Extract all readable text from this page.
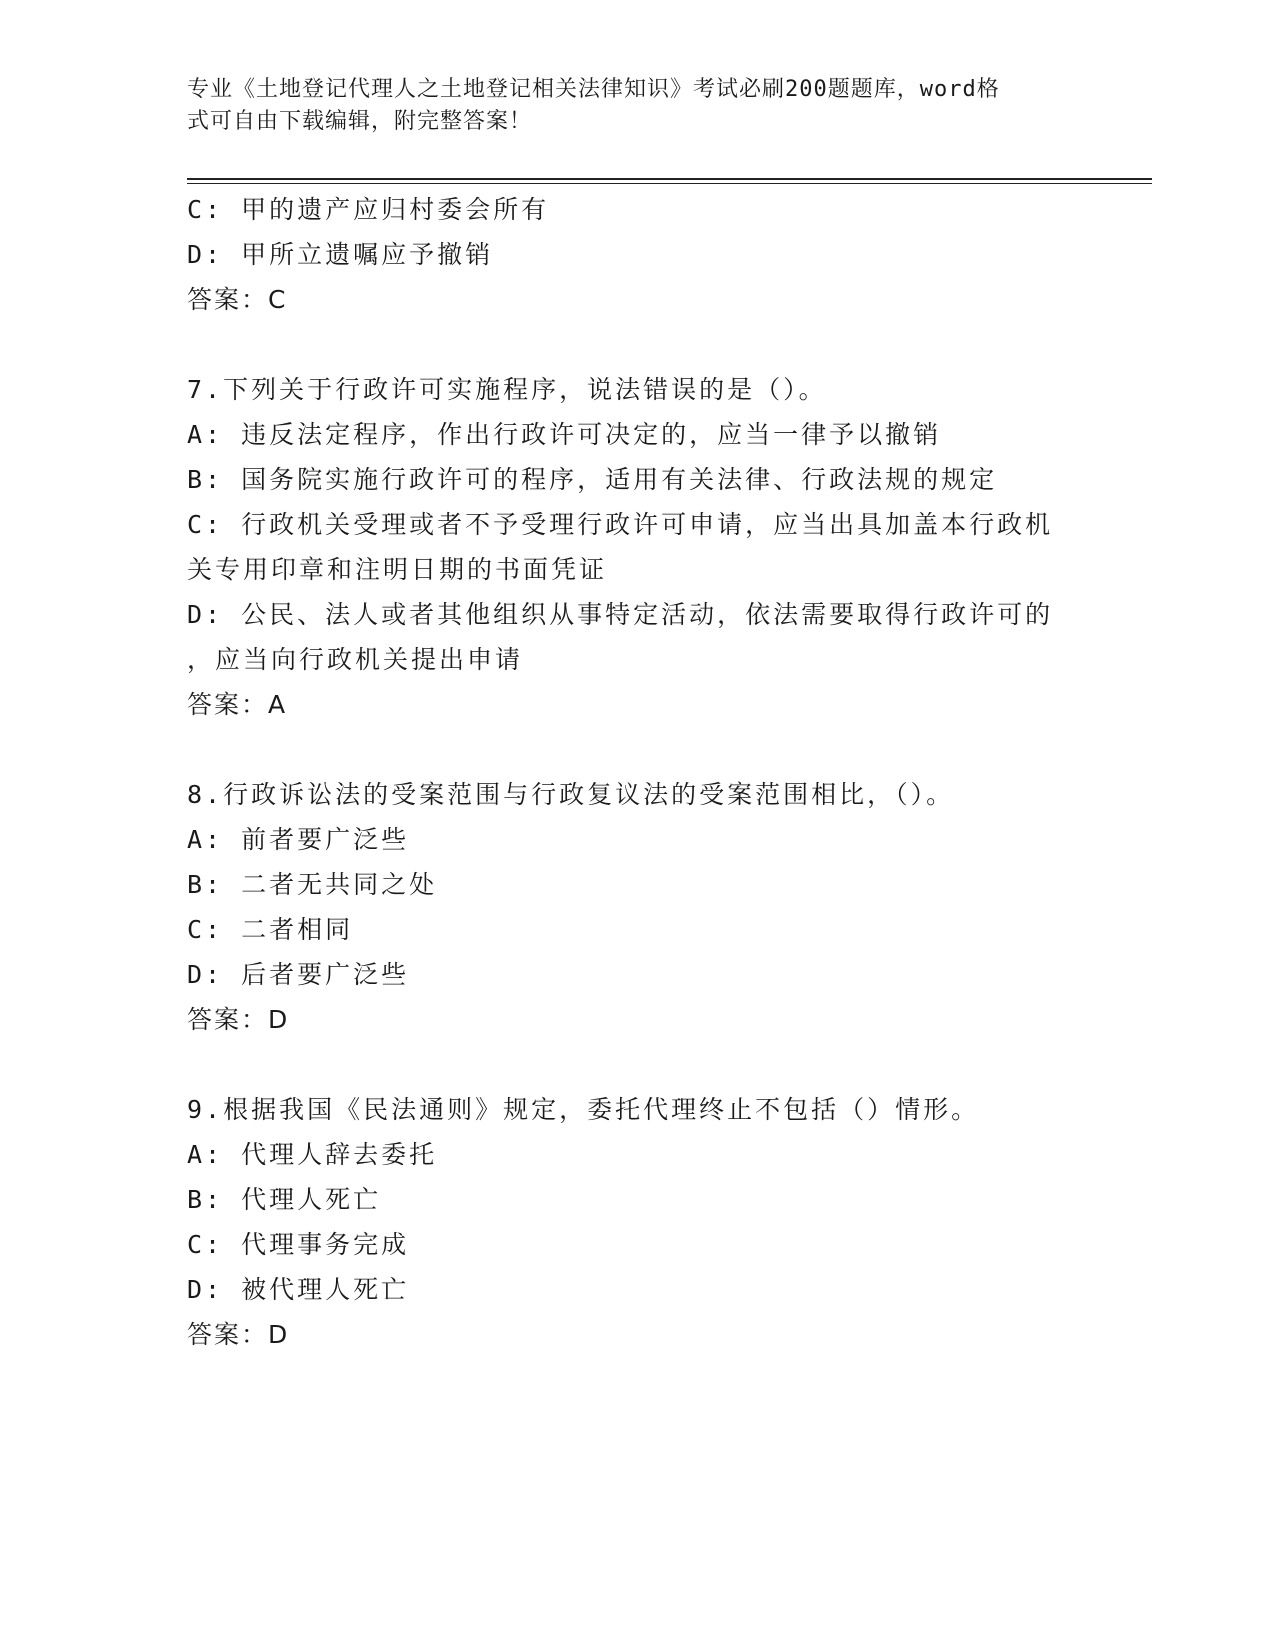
专业《土地登记代理人之土地登记相关法律知识》考试必刷200题题库，word格
式可自由下载编辑，附完整答案！
C: 甲的遗产应归村委会所有
D: 甲所立遗嘱应予撤销
答案：C
7.下列关于行政许可实施程序，说法错误的是（）。
A: 违反法定程序，作出行政许可决定的，应当一律予以撤销
B: 国务院实施行政许可的程序，适用有关法律、行政法规的规定
C: 行政机关受理或者不予受理行政许可申请，应当出具加盖本行政机
关专用印章和注明日期的书面凭证
D: 公民、法人或者其他组织从事特定活动，依法需要取得行政许可的
，应当向行政机关提出申请
答案：A
8.行政诉讼法的受案范围与行政复议法的受案范围相比，（）。
A: 前者要广泛些
B: 二者无共同之处
C: 二者相同
D: 后者要广泛些
答案：D
9.根据我国《民法通则》规定，委托代理终止不包括（）情形。
A: 代理人辞去委托
B: 代理人死亡
C: 代理事务完成
D: 被代理人死亡
答案：D
